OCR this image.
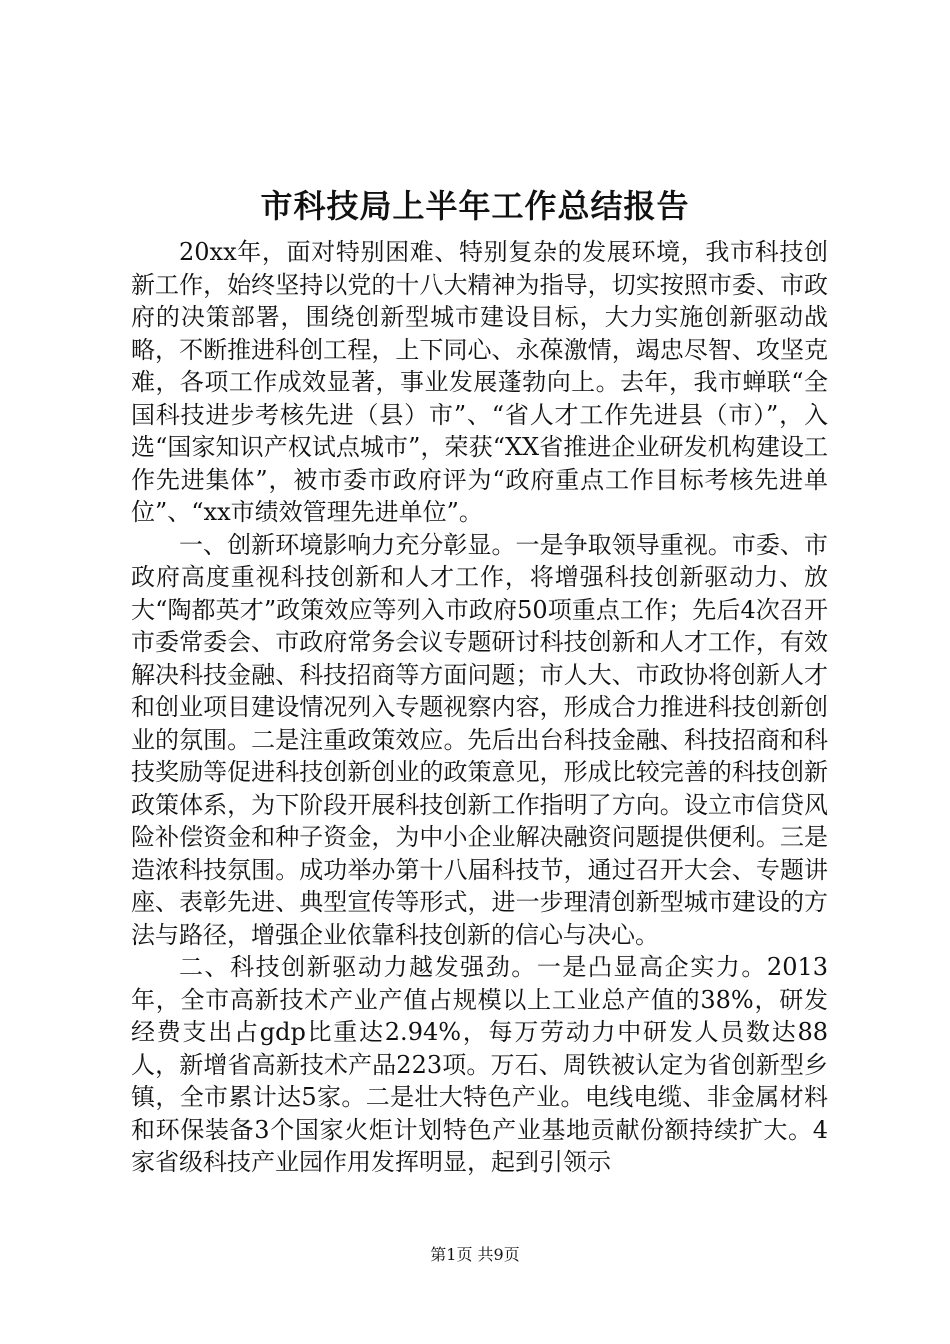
市科技局上半年工作总结报告

20xx年，面对特别困难、特别复杂的发展环境，我市科技创新工作，始终坚持以党的十八大精神为指导，切实按照市委、市政府的决策部署，围绕创新型城市建设目标，大力实施创新驱动战略，不断推进科创工程，上下同心、永葆激情，竭忠尽智、攻坚克难，各项工作成效显著，事业发展蓬勃向上。去年，我市蝉联“全国科技进步考核先进（县）市”、“省人才工作先进县（市）”，入选“国家知识产权试点城市”，荣获“XX省推进企业研发机构建设工作先进集体”，被市委市政府评为“政府重点工作目标考核先进单位”、“xx市绩效管理先进单位”。

一、创新环境影响力充分彰显。一是争取领导重视。市委、市政府高度重视科技创新和人才工作，将增强科技创新驱动力、放大“陶都英才”政策效应等列入市政府50项重点工作；先后4次召开市委常委会、市政府常务会议专题研讨科技创新和人才工作，有效解决科技金融、科技招商等方面问题；市人大、市政协将创新人才和创业项目建设情况列入专题视察内容，形成合力推进科技创新创业的氛围。二是注重政策效应。先后出台科技金融、科技招商和科技奖励等促进科技创新创业的政策意见，形成比较完善的科技创新政策体系，为下阶段开展科技创新工作指明了方向。设立市信贷风险补偿资金和种子资金，为中小企业解决融资问题提供便利。三是造浓科技氛围。成功举办第十八届科技节，通过召开大会、专题讲座、表彰先进、典型宣传等形式，进一步理清创新型城市建设的方法与路径，增强企业依靠科技创新的信心与决心。

二、科技创新驱动力越发强劲。一是凸显高企实力。2013年，全市高新技术产业产值占规模以上工业总产值的38%，研发经费支出占gdp比重达2.94%，每万劳动力中研发人员数达88人，新增省高新技术产品223项。万石、周铁被认定为省创新型乡镇，全市累计达5家。二是壮大特色产业。电线电缆、非金属材料和环保装备3个国家火炬计划特色产业基地贡献份额持续扩大。4家省级科技产业园作用发挥明显，起到引领示

第1页 共9页
